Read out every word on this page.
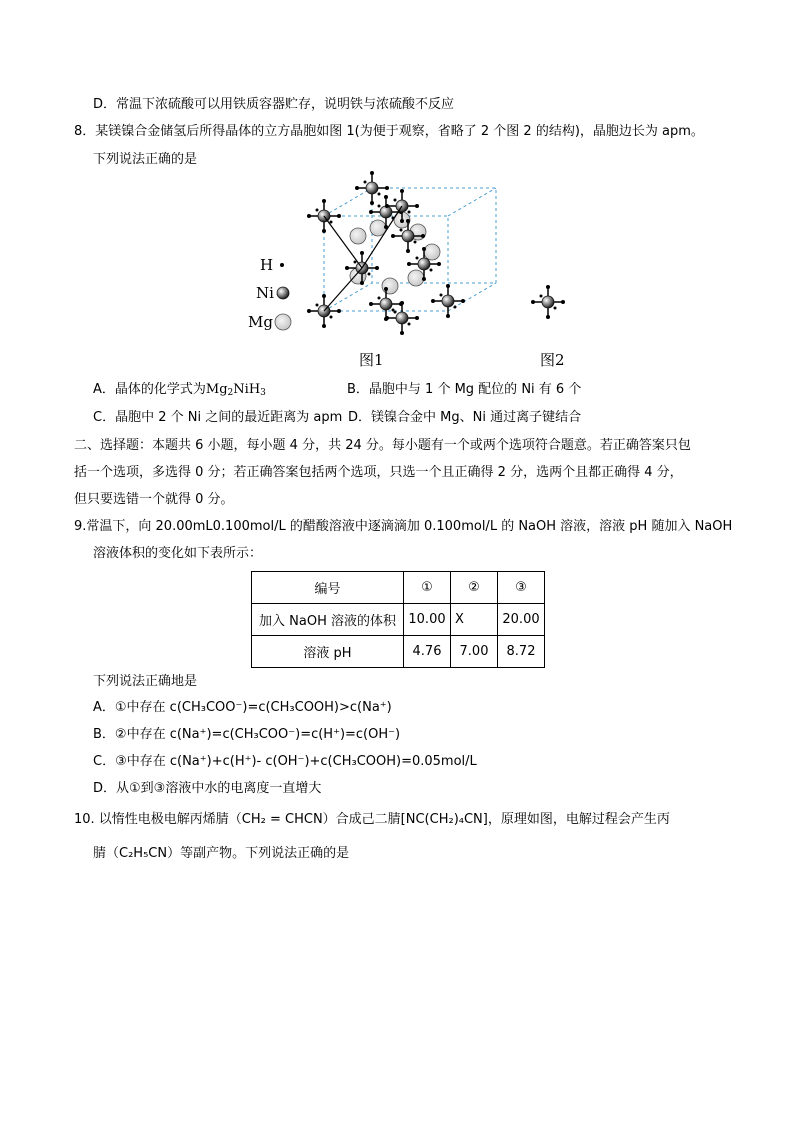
D．常温下浓硫酸可以用铁质容器贮存，说明铁与浓硫酸不反应
8．某镁镍合金储氢后所得晶体的立方晶胞如图 1(为便于观察，省略了 2 个图 2 的结构)，晶胞边长为 apm。
下列说法正确的是
H
Ni
Mg
图1	图2
A．晶体的化学式为$Mg_2NiH_3$	B．晶胞中与 1 个 Mg 配位的 Ni 有 6 个
C．晶胞中 2 个 Ni 之间的最近距离为 apm D．镁镍合金中 Mg、Ni 通过离子键结合
二、选择题：本题共 6 小题，每小题 4 分，共 24 分。每小题有一个或两个选项符合题意。若正确答案只包
括一个选项，多选得 0 分；若正确答案包括两个选项，只选一个且正确得 2 分，选两个且都正确得 4 分，
但只要选错一个就得 0 分。
9.常温下，向 20.00mL0.100mol/L 的醋酸溶液中逐滴滴加 0.100mol/L 的 NaOH 溶液，溶液 pH 随加入 NaOH
溶液体积的变化如下表所示：
编号	①	②	③
加入 NaOH 溶液的体积	10.00	X	20.00
溶液 pH	4.76	7.00	8.72
下列说法正确地是
A．①中存在 c(CH₃COO⁻)=c(CH₃COOH)>c(Na⁺)
B．②中存在 c(Na⁺)=c(CH₃COO⁻)=c(H⁺)=c(OH⁻)
C．③中存在 c(Na⁺)+c(H⁺)- c(OH⁻)+c(CH₃COOH)=0.05mol/L
D．从①到③溶液中水的电离度一直增大
10. 以惰性电极电解丙烯腈（CH₂ = CHCN）合成己二腈[NC(CH₂)₄CN]，原理如图，电解过程会产生丙
腈（C₂H₅CN）等副产物。下列说法正确的是
